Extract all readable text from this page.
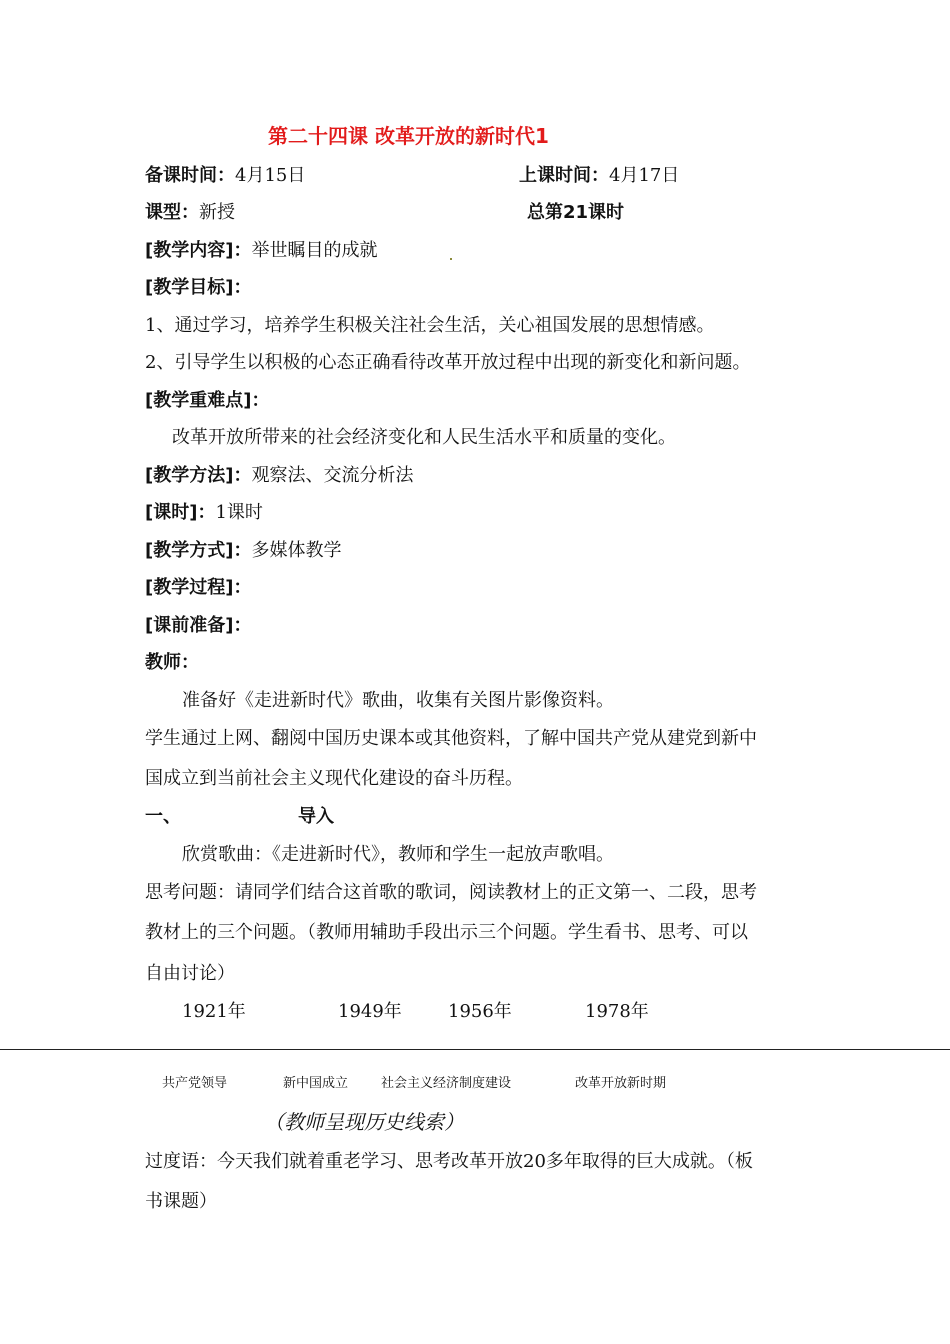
第二十四课 改革开放的新时代1
备课时间：4月15日	上课时间：4月17日
课型：新授	总第21课时
[教学内容]：举世瞩目的成就
[教学目标]：
1、通过学习，培养学生积极关注社会生活，关心祖国发展的思想情感。
2、引导学生以积极的心态正确看待改革开放过程中出现的新变化和新问题。
[教学重难点]：
改革开放所带来的社会经济变化和人民生活水平和质量的变化。
[教学方法]：观察法、交流分析法
[课时]：1课时
[教学方式]：多媒体教学
[教学过程]：
[课前准备]：
教师：
准备好《走进新时代》歌曲，收集有关图片影像资料。
学生通过上网、翻阅中国历史课本或其他资料，了解中国共产党从建党到新中
国成立到当前社会主义现代化建设的奋斗历程。
一、	导入
欣赏歌曲：《走进新时代》，教师和学生一起放声歌唱。
思考问题：请同学们结合这首歌的歌词，阅读教材上的正文第一、二段，思考
教材上的三个问题。（教师用辅助手段出示三个问题。学生看书、思考、可以
自由讨论）
1921年	1949年	1956年	1978年
共产党领导	新中国成立	社会主义经济制度建设	改革开放新时期
（教师呈现历史线索）
过度语：今天我们就着重老学习、思考改革开放20多年取得的巨大成就。（板
书课题）
